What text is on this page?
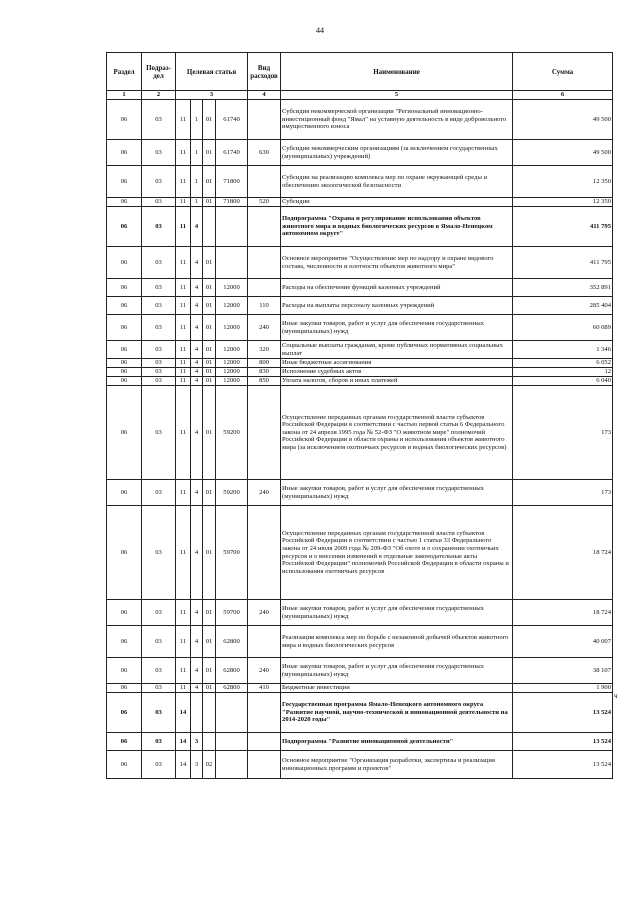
44
Раздел	Подраз-дел	Целевая статья				Вид расходов	Наименование	Сумма
1	2	3				4	5	6
06	03	11	1	01	61740		Субсидия некоммерческой организации "Региональный инновационно-инвестиционный фонд "Ямал" на уставную деятельность в виде добровольного имущественного взноса	49 500
06	03	11	1	01	61740	630	Субсидии некоммерческим организациям (за исключением государственных (муниципальных) учреждений)	49 500
06	03	11	1	01	71800		Субсидии на реализацию комплекса мер по охране окружающей среды и обеспечению экологической безопасности	12 350
06	03	11	1	01	71800	520	Субсидии	12 350
06	03	11	4				Подпрограмма "Охрана и регулирование использования объектов животного мира и водных биологических ресурсов в Ямало-Ненецком автономном округе"	411 795
06	03	11	4	01			Основное мероприятие "Осуществление мер по надзору и охране видового состава, численности и плотности объектов животного мира"	411 795
06	03	11	4	01	12000		Расходы на обеспечение функций казенных учреждений	352 891
06	03	11	4	01	12000	110	Расходы на выплаты персоналу казенных учреждений	285 404
06	03	11	4	01	12000	240	Иные закупки товаров, работ и услуг для обеспечения государственных (муниципальных) нужд	60 089
06	03	11	4	01	12000	320	Социальные выплаты гражданам, кроме публичных нормативных социальных выплат	1 346
06	03	11	4	01	12000	800	Иные бюджетные ассигнования	6 052
06	03	11	4	01	12000	830	Исполнение судебных актов	12
06	03	11	4	01	12000	850	Уплата налогов, сборов и иных платежей	6 040
06	03	11	4	01	59200		Осуществление переданных органам государственной власти субъектов Российской Федерации в соответствии с частью первой статьи 6 Федерального закона от 24 апреля 1995 года № 52-ФЗ "О животном мире" полномочий Российской Федерации в области охраны и использования объектов животного мира (за исключением охотничьих ресурсов и водных биологических ресурсов)	173
06	03	11	4	01	59200	240	Иные закупки товаров, работ и услуг для обеспечения государственных (муниципальных) нужд	173
06	03	11	4	01	59700		Осуществление переданных органам государственной власти субъектов Российской Федерации в соответствии с частью 1 статьи 33 Федерального закона от 24 июля 2009 года № 209-ФЗ "Об охоте и о сохранении охотничьих ресурсов и о внесении изменений в отдельные законодательные акты Российской Федерации" полномочий Российской Федерации в области охраны и использования охотничьих ресурсов	18 724
06	03	11	4	01	59700	240	Иные закупки товаров, работ и услуг для обеспечения государственных (муниципальных) нужд	18 724
06	03	11	4	01	62800		Реализация комплекса мер по борьбе с незаконной добычей объектов животного мира и водных биологических ресурсов	40 007
06	03	11	4	01	62800	240	Иные закупки товаров, работ и услуг для обеспечения государственных (муниципальных) нужд	38 107
06	03	11	4	01	62800	410	Бюджетные инвестиции	1 900
06	03	14					Государственная программа Ямало-Ненецкого автономного округа "Развитие научной, научно-технической и инновационной деятельности на 2014-2020 годы"	13 524
06	03	14	3				Подпрограмма "Развитие инновационной деятельности"	13 524
06	03	14	3	02			Основное мероприятие "Организация разработки, экспертизы и реализация инновационных программ и проектов"	13 524
ч
